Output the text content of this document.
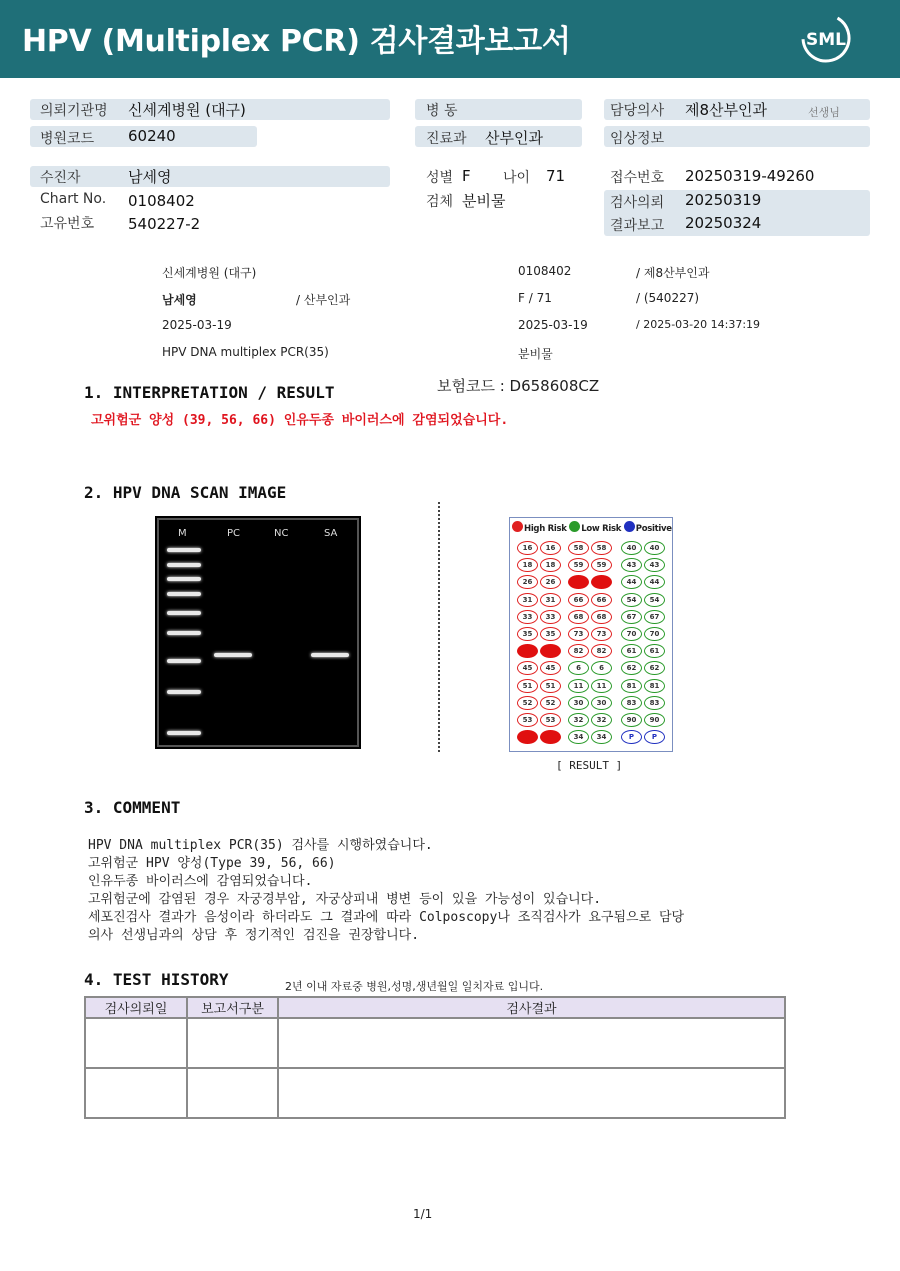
HPV (Multiplex PCR) 검사결과보고서	SML
의뢰기관명 신세계병원 (대구)
병원코드 60240
수진자	남세영
Chart No. 0108402
고유번호 540227-2
병 동
진료과 산부인과
성별 F 나이 71
검체 분비물
담당의사 제8산부인과	선생님
임상정보
접수번호 20250319-49260
검사의뢰 20250319
결과보고 20250324
신세계병원 (대구)	0108402	/ 제8산부인과
남세영	/ 산부인과	F / 71	/ (540227)
2025-03-19	2025-03-19	/ 2025-03-20 14:37:19
HPV DNA multiplex PCR(35)	분비물
보험코드 : D658608CZ
1. INTERPRETATION / RESULT
고위험군 양성 (39, 56, 66) 인유두종 바이러스에 감염되었습니다.
2. HPV DNA SCAN IMAGE
M	PC	NC	SA	High Risk Low Risk Positive
16	16	58	58	40	40
18	18	59	59	43	43
26	26	56	56	44	44
31	31	66	66	54	54
33	33	68	68	67	67
35	35	73	73	70	70
39	39	82	82	61	61
45	45	6	6	62	62
51	51	11	11	81	81
52	52	30	30	83	83
53	53	32	32	90	90
56	56	34	34	P	P
[ RESULT ]
3. COMMENT
HPV DNA multiplex PCR(35) 검사를 시행하였습니다.
고위험군 HPV 양성(Type 39, 56, 66)
인유두종 바이러스에 감염되었습니다.
고위험군에 감염된 경우 자궁경부암, 자궁상피내 병변 등이 있을 가능성이 있습니다.
세포진검사 결과가 음성이라 하더라도 그 결과에 따라 Colposcopy나 조직검사가 요구됨으로 담당
의사 선생님과의 상담 후 정기적인 검진을 권장합니다.
4. TEST HISTORY	2년 이내 자료중 병원,성명,생년월일 일치자료 입니다.
검사의뢰일	보고서구분	검사결과

1/1
